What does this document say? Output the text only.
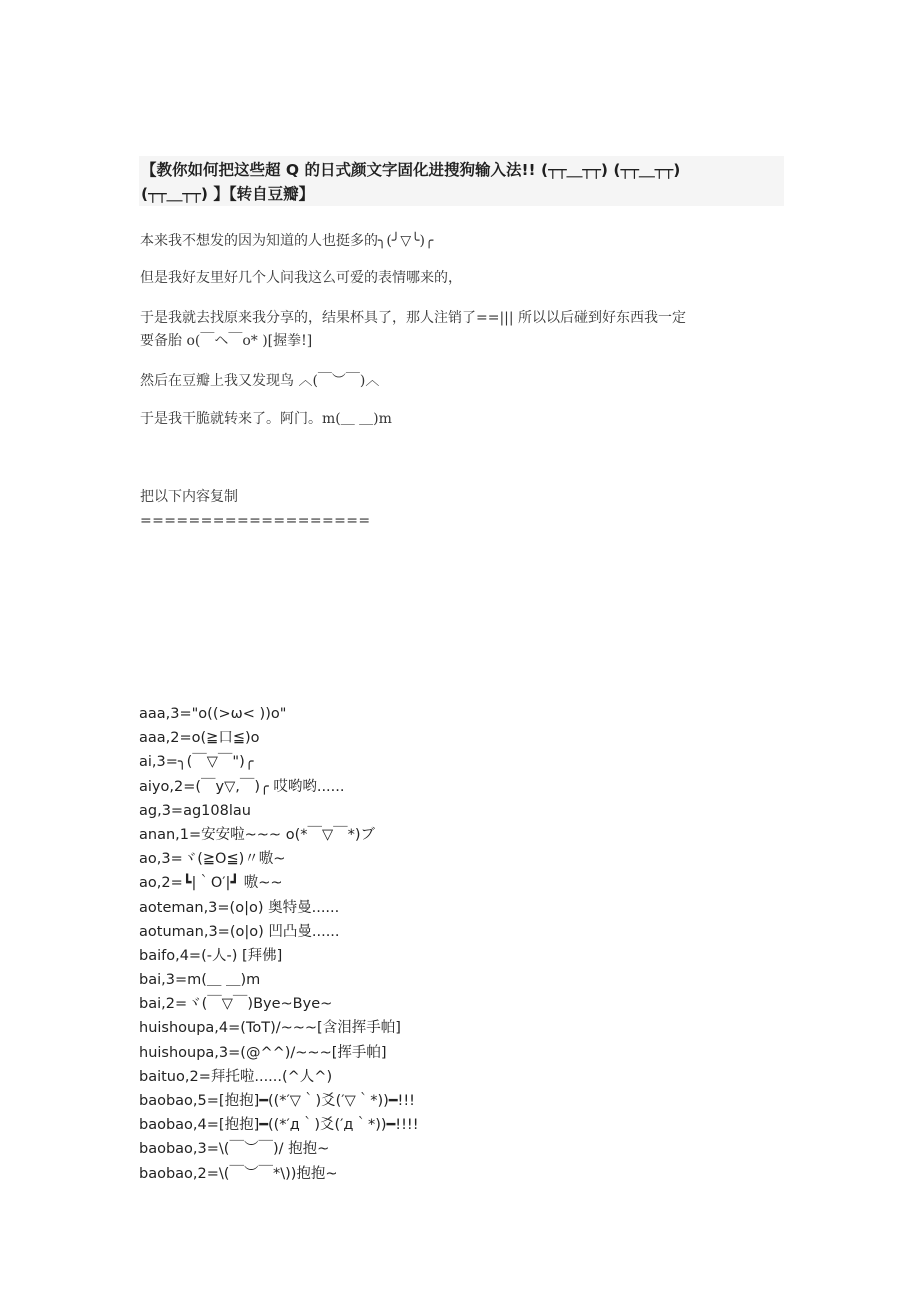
【教你如何把这些超 Q 的日式颜文字固化进搜狗输入法!! (┬┬＿┬┬) (┬┬＿┬┬)
(┬┬＿┬┬) 】【转自豆瓣】
本来我不想发的因为知道的人也挺多的╮(╯▽╰)╭
但是我好友里好几个人问我这么可爱的表情哪来的，
于是我就去找原来我分享的，结果杯具了，那人注销了==||| 所以以后碰到好东西我一定
要备胎 o(￣ヘ￣o* )[握拳!]
然后在豆瓣上我又发现鸟 ︿(￣︶￣)︿
于是我干脆就转来了。阿门。m(＿ ＿)m
把以下内容复制
===================
aaa,3="o((>ω< ))o"
aaa,2=o(≧口≦)o
ai,3=╮(￣▽￣")╭
aiyo,2=(￣y▽,￣)╭ 哎哟哟......
ag,3=ag108lau
anan,1=安安啦~~~ o(*￣▽￣*)ブ
ao,3=ヾ(≧O≦)〃嗷~
ao,2=┗|｀O′|┛ 嗷~~
aoteman,3=(o|o) 奥特曼......
aotuman,3=(o|o) 凹凸曼......
baifo,4=(-人-) [拜佛]
bai,3=m(＿ ＿)m
bai,2=ヾ(￣▽￣)Bye~Bye~
huishoupa,4=(ToT)/~~~[含泪挥手帕]
huishoupa,3=(@^^)/~~~[挥手帕]
baituo,2=拜托啦......(^人^)
baobao,5=[抱抱]━((*′▽｀)爻(′▽｀*))━!!!
baobao,4=[抱抱]━((*′д｀)爻(′д｀*))━!!!!
baobao,3=\(￣︶￣)/ 抱抱~
baobao,2=\(￣︶￣*\))抱抱~
